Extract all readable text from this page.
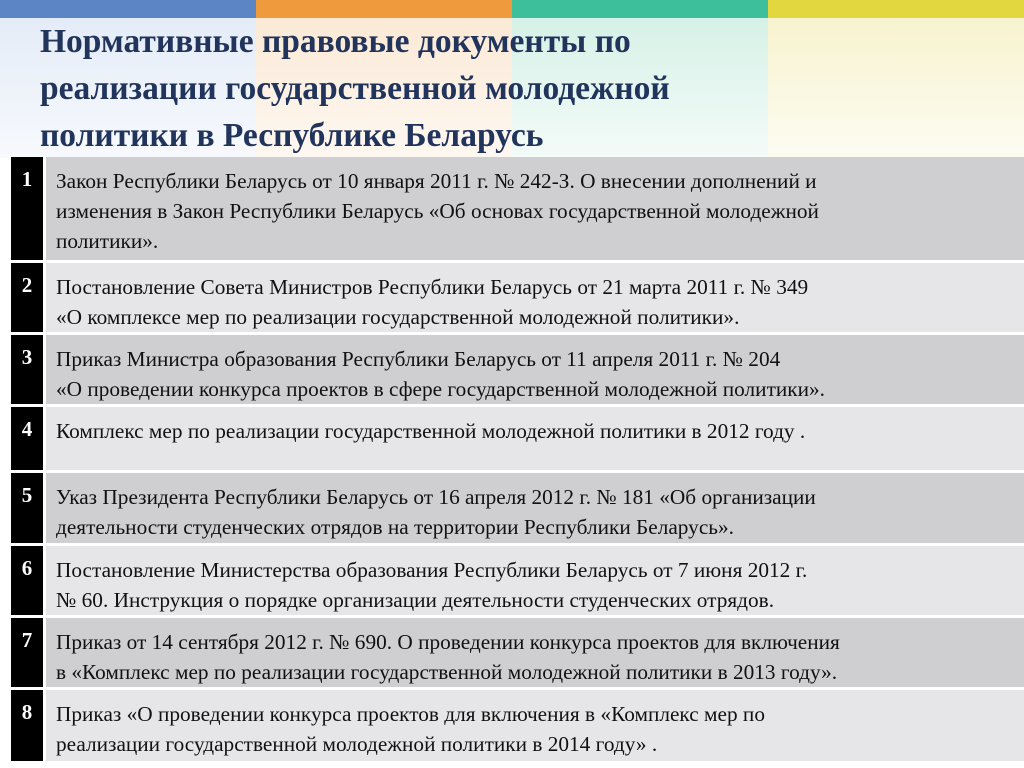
Нормативные правовые документы по
реализации государственной молодежной
политики в Республике Беларусь
1		Закон Республики Беларусь от 10 января 2011 г. № 242-З. О внесении дополнений и
изменения в Закон Республики Беларусь «Об основах государственной молодежной
политики».
2		Постановление Совета Министров Республики Беларусь от 21 марта 2011 г. № 349
«О комплексе мер по реализации государственной молодежной политики».
3		Приказ Министра образования Республики Беларусь от 11 апреля 2011 г. № 204
«О проведении конкурса проектов в сфере государственной молодежной политики».
4		Комплекс мер по реализации государственной молодежной политики в 2012 году .
5		Указ Президента Республики Беларусь от 16 апреля 2012 г. № 181 «Об организации
деятельности студенческих отрядов на территории Республики Беларусь».
6		Постановление Министерства образования Республики Беларусь от 7 июня 2012 г.
№ 60. Инструкция о порядке организации деятельности студенческих отрядов.
7		Приказ от 14 сентября 2012 г. № 690. О проведении конкурса проектов для включения
в «Комплекс мер по реализации государственной молодежной политики в 2013 году».
8		Приказ «О проведении конкурса проектов для включения в «Комплекс мер по
реализации государственной молодежной политики в 2014 году» .
